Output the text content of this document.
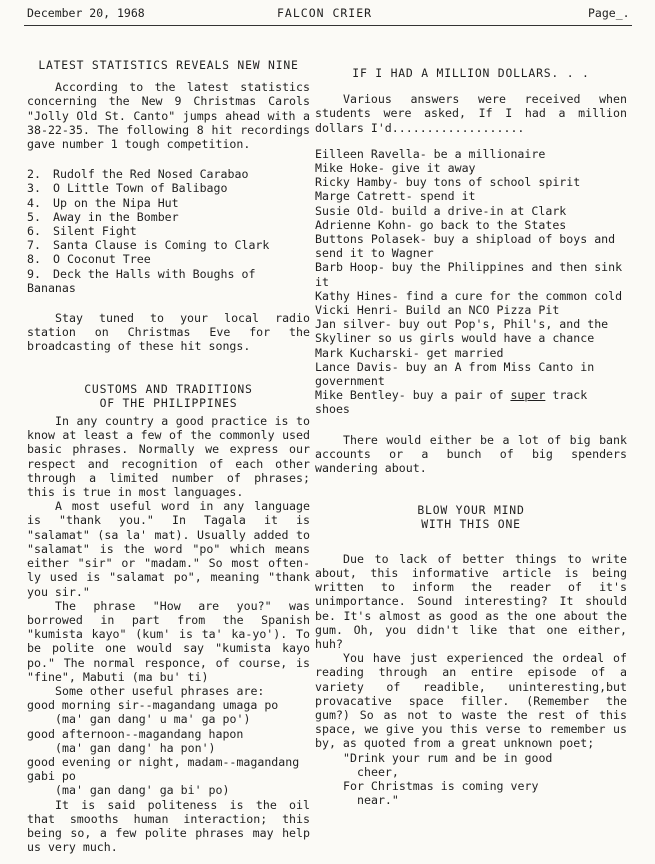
December 20, 1968	FALCON CRIER	Page_.

LATEST STATISTICS REVEALS NEW NINE

According to the latest statistics concerning the New 9 Christmas Carols "Jolly Old St. Canto" jumps ahead with a 38-22-35. The following 8 hit recordings gave number 1 tough competition.

2. Rudolf the Red Nosed Carabao
3. O Little Town of Balibago
4. Up on the Nipa Hut
5. Away in the Bomber
6. Silent Fight
7. Santa Clause is Coming to Clark
8. O Coconut Tree
9. Deck the Halls with Boughs of Bananas

Stay tuned to your local radio station on Christmas Eve for the broadcasting of these hit songs.

CUSTOMS AND TRADITIONS

OF THE PHILIPPINES

In any country a good practice is to know at least a few of the commonly used basic phrases. Normally we express our respect and recognition of each other through a limited number of phrases; this is true in most languages.

A most useful word in any language is "thank you." In Tagala it is "salamat" (sa la' mat). Usually added to "salamat" is the word "po" which means either "sir" or "madam." So most often-ly used is "salamat po", meaning "thank you sir."

The phrase "How are you?" was borrowed in part from the Spanish "kumista kayo" (kum' is ta' ka-yo'). To be polite one would say "kumista kayo po." The normal responce, of course, is "fine", Mabuti (ma bu' ti)

Some other useful phrases are:

good morning sir--magandang umaga po

(ma' gan dang' u ma' ga po')

good afternoon--magandang hapon

(ma' gan dang' ha pon')

good evening or night, madam--magandang gabi po

(ma' gan dang' ga bi' po)

It is said politeness is the oil that smooths human interaction; this being so, a few polite phrases may help us very much.

IF I HAD A MILLION DOLLARS. . .

Various answers were received when students were asked, If I had a million dollars I'd...................

Eilleen Ravella- be a millionaire

Mike Hoke- give it away

Ricky Hamby- buy tons of school spirit

Marge Catrett- spend it

Susie Old- build a drive-in at Clark

Adrienne Kohn- go back to the States

Buttons Polasek- buy a shipload of boys and send it to Wagner

Barb Hoop- buy the Philippines and then sink it

Kathy Hines- find a cure for the common cold

Vicki Henri- Build an NCO Pizza Pit

Jan silver- buy out Pop's, Phil's, and the Skyliner so us girls would have a chance

Mark Kucharski- get married

Lance Davis- buy an A from Miss Canto in government

Mike Bentley- buy a pair of super track shoes

There would either be a lot of big bank accounts or a bunch of big spenders wandering about.

BLOW YOUR MIND

WITH THIS ONE

Due to lack of better things to write about, this informative article is being written to inform the reader of it's unimportance. Sound interesting? It should be. It's almost as good as the one about the gum. Oh, you didn't like that one either, huh?

You have just experienced the ordeal of reading through an entire episode of a variety of readible, uninteresting,but provacative space filler. (Remember the gum?) So as not to waste the rest of this space, we give you this verse to remember us by, as quoted from a great unknown poet;

"Drink your rum and be in good

cheer,

For Christmas is coming very

near."
